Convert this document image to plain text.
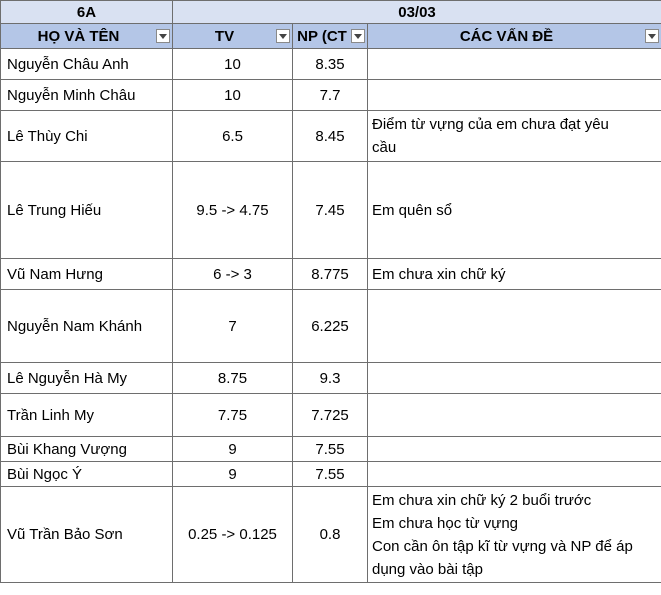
6A	03/03		

HỌ VÀ TÊN	TV	NP (CT	CÁC VẤN ĐỀ

Nguyễn Châu Anh	10	8.35	
Nguyễn Minh Châu	10	7.7	
Lê Thùy Chi	6.5	8.45	Điểm từ vựng của em chưa đạt yêu
cầu

Lê Trung Hiếu	9.5 -> 4.75	7.45	Em quên sổ

Vũ Nam Hưng	6 -> 3	8.775	Em chưa xin chữ ký

Nguyễn Nam Khánh	7	6.225	
Lê Nguyễn Hà My	8.75	9.3	
Trần Linh My	7.75	7.725	
Bùi Khang Vượng	9	7.55	
Bùi Ngọc Ý	9	7.55	
Vũ Trần Bảo Sơn	0.25 -> 0.125	0.8	Em chưa xin chữ ký 2 buổi trước
Em chưa học từ vựng
Con cần ôn tập kĩ từ vựng và NP để áp
dụng vào bài tập
